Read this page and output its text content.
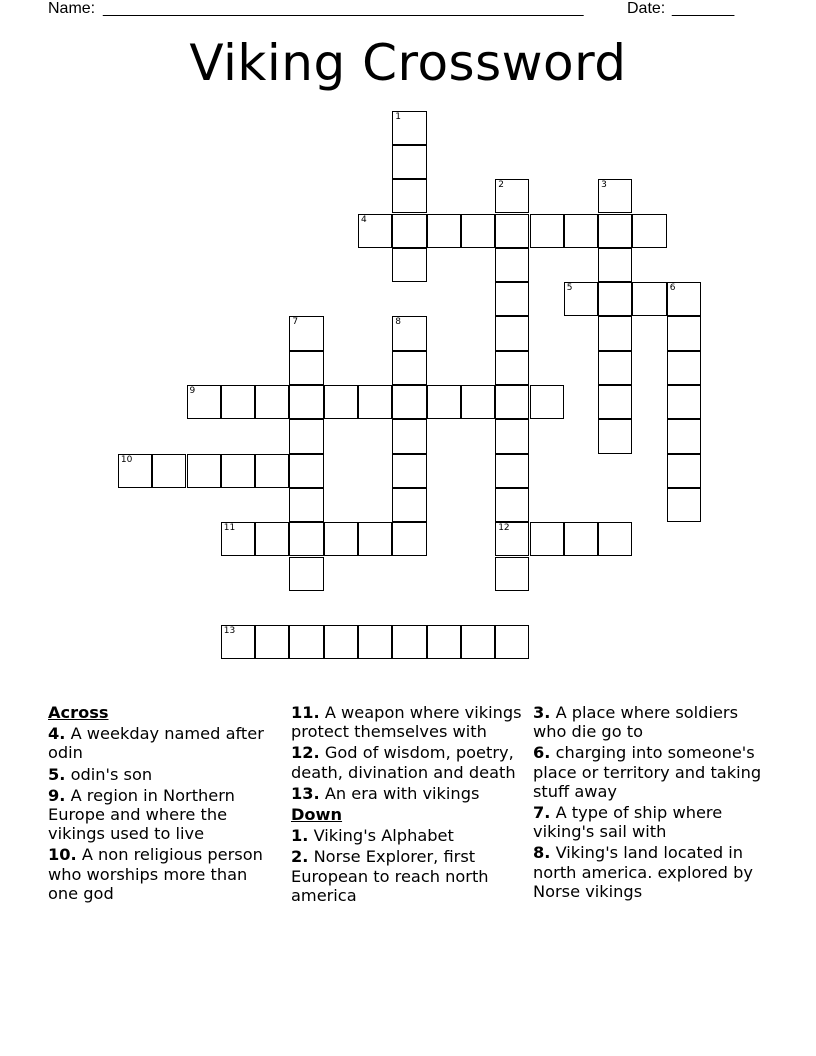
Name: ______________________________________________________	Date: _______
Viking Crossword
1
2	3
4
5	6
7	8
9
10
11	12
13
Across
4. A weekday named after odin
5. odin's son
9. A region in Northern Europe and where the vikings used to live
10. A non religious person who worships more than one god
11. A weapon where vikings protect themselves with
12. God of wisdom, poetry, death, divination and death
13. An era with vikings
Down
1. Viking's Alphabet
2. Norse Explorer, first European to reach north america
3. A place where soldiers who die go to
6. charging into someone's place or territory and taking stuff away
7. A type of ship where viking's sail with
8. Viking's land located in north america. explored by Norse vikings
